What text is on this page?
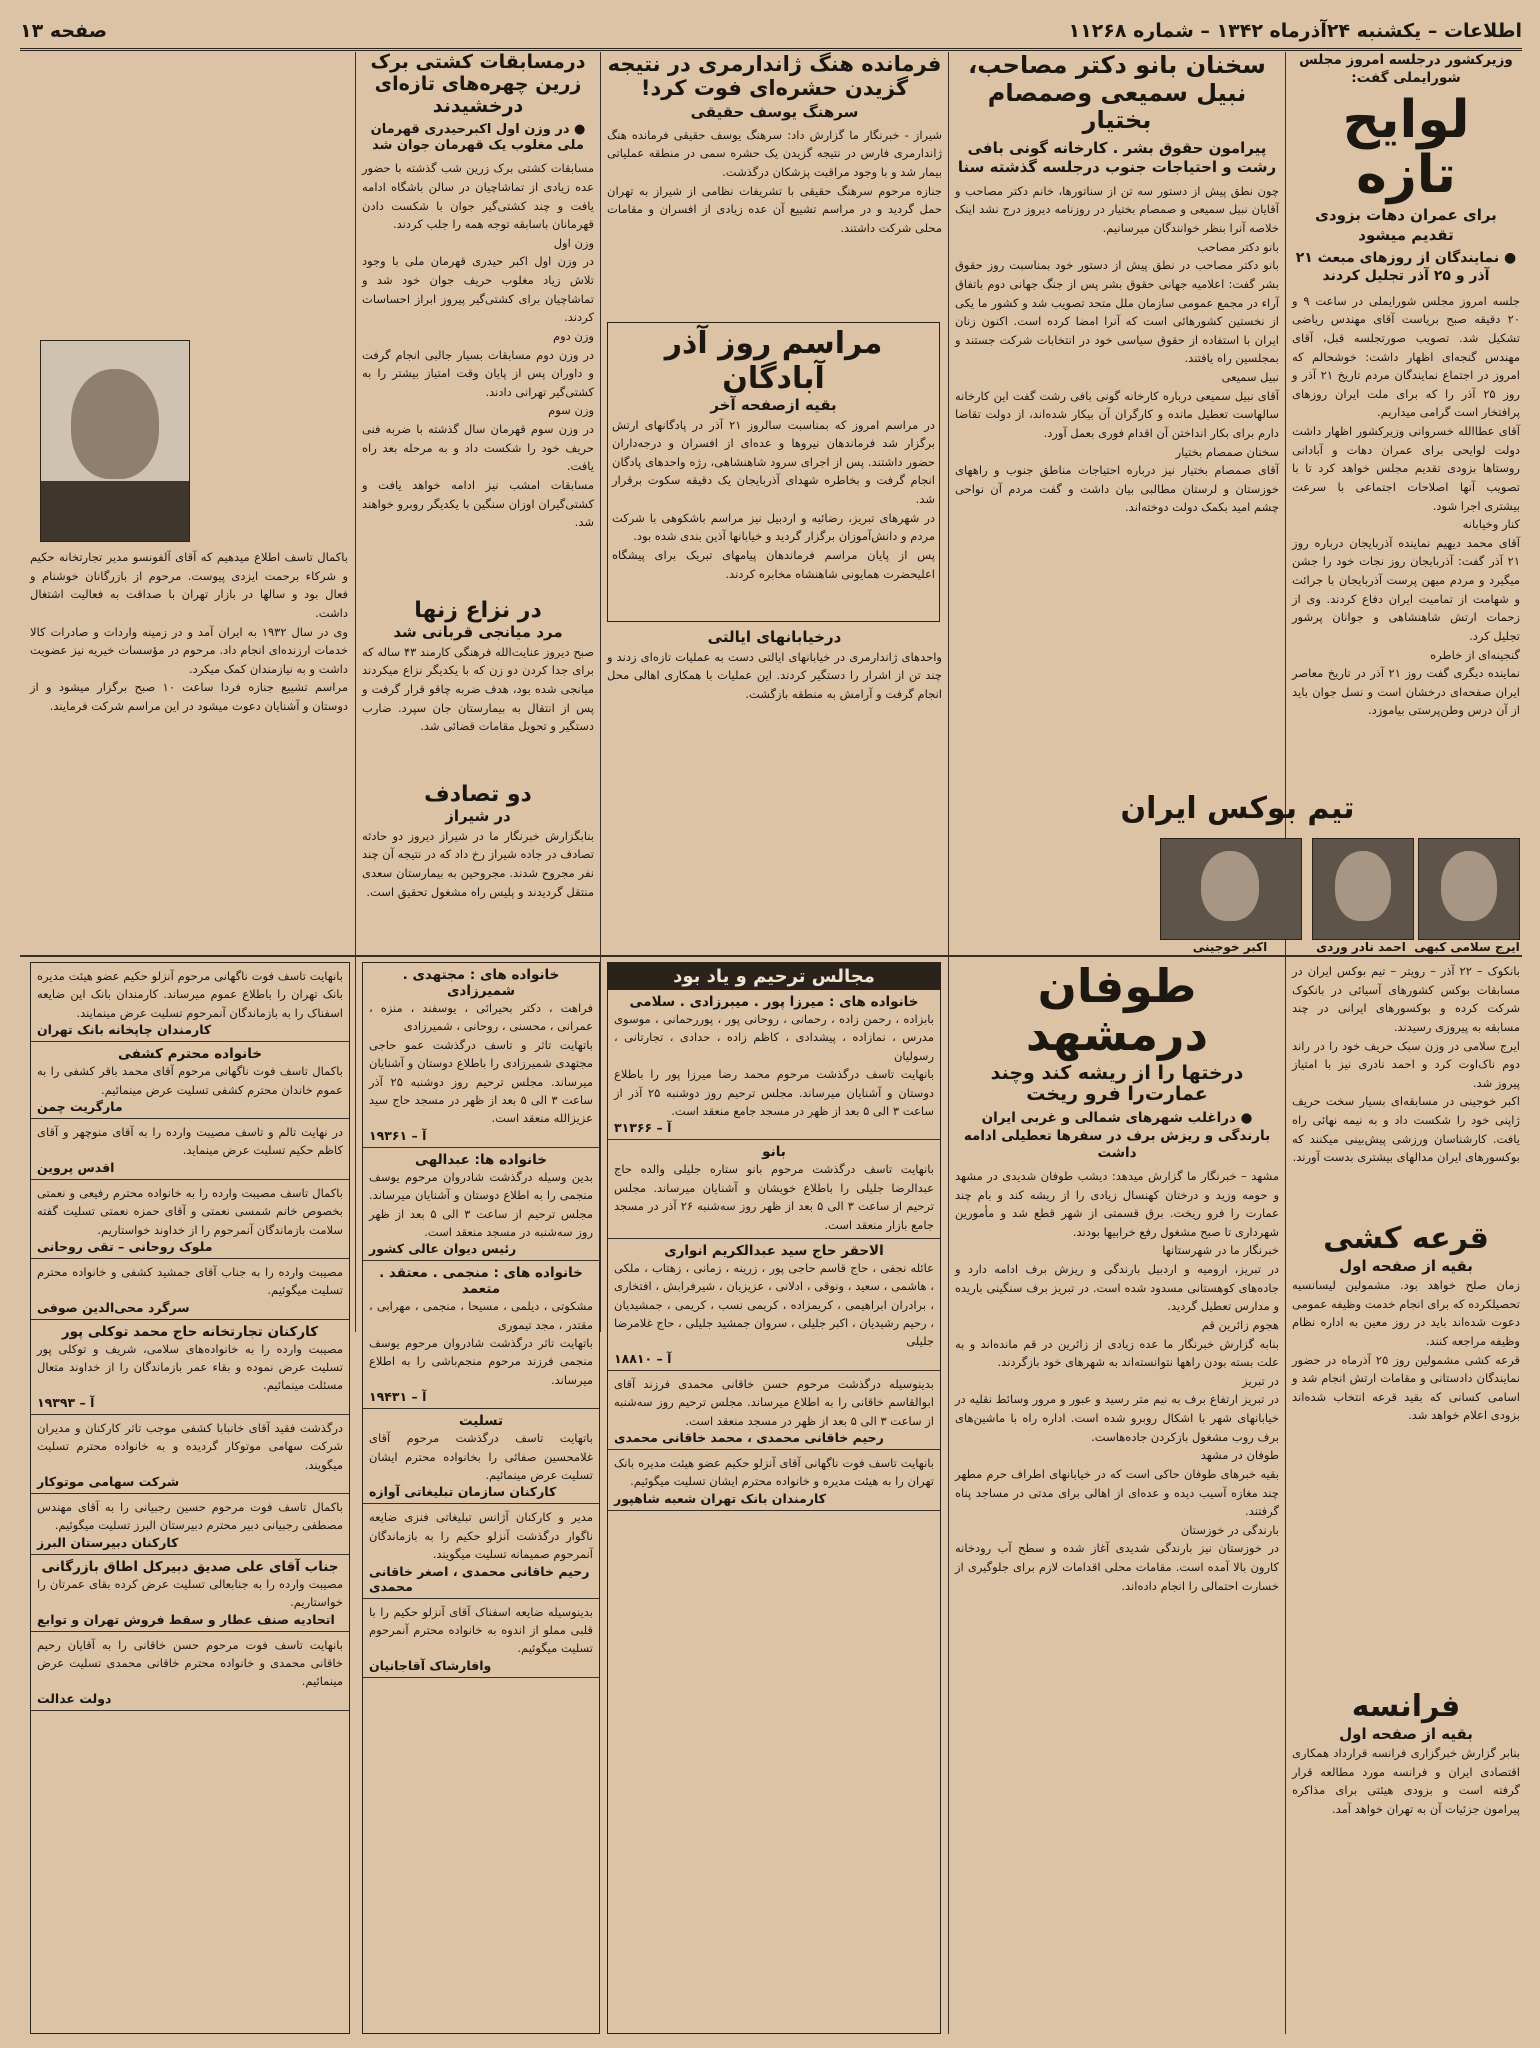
اطلاعات – یکشنبه ۲۴آذرماه ۱۳۴۲ – شماره ۱۱۲۶۸
صفحه ۱۳
وزیرکشور درجلسه امروز مجلس شورایملی گفت:
لوایح تازه
برای عمران دهات بزودی تقدیم میشود
● نمایندگان از روزهای مبعث ۲۱ آذر و ۲۵ آذر تجلیل کردند
جلسه امروز مجلس شورایملی در ساعت ۹ و ۲۰ دقیقه صبح بریاست آقای مهندس ریاضی تشکیل شد. تصویب صورتجلسه قبل، آقای مهندس گنجه‌ای اظهار داشت: خوشحالم که امروز در اجتماع نمایندگان مردم تاریخ ۲۱ آذر و روز ۲۵ آذر را که برای ملت ایران روزهای پرافتخار است گرامی میداریم.
آقای عطاالله خسروانی وزیرکشور اظهار داشت دولت لوایحی برای عمران دهات و آبادانی روستاها بزودی تقدیم مجلس خواهد کرد تا با تصویب آنها اصلاحات اجتماعی با سرعت بیشتری اجرا شود.
کنار وخیابانه
آقای محمد دیهیم نماینده آذربایجان درباره روز ۲۱ آذر گفت: آذربایجان روز نجات خود را جشن میگیرد و مردم میهن پرست آذربایجان با جرائت و شهامت از تمامیت ایران دفاع کردند. وی از زحمات ارتش شاهنشاهی و جوانان پرشور تجلیل کرد.
گنجینه‌ای از خاطره
نماینده دیگری گفت روز ۲۱ آذر در تاریخ معاصر ایران صفحه‌ای درخشان است و نسل جوان باید از آن درس وطن‌پرستی بیاموزد.
سخنان بانو دکتر مصاحب، نبیل سمیعی وصمصام بختیار
پیرامون حقوق بشر . کارخانه گونی بافی رشت و احتیاجات جنوب درجلسه گذشته سنا
چون نطق پیش از دستور سه تن از سناتورها، خانم دکتر مصاحب و آقایان نبیل سمیعی و صمصام بختیار در روزنامه دیروز درج نشد اینک خلاصه آنرا بنظر خوانندگان میرسانیم.
بانو دکتر مصاحب
بانو دکتر مصاحب در نطق پیش از دستور خود بمناسبت روز حقوق بشر گفت: اعلامیه جهانی حقوق بشر پس از جنگ جهانی دوم باتفاق آراء در مجمع عمومی سازمان ملل متحد تصویب شد و کشور ما یکی از نخستین کشورهائی است که آنرا امضا کرده است. اکنون زنان ایران با استفاده از حقوق سیاسی خود در انتخابات شرکت جستند و بمجلسین راه یافتند.
نبیل سمیعی
آقای نبیل سمیعی درباره کارخانه گونی بافی رشت گفت این کارخانه سالهاست تعطیل مانده و کارگران آن بیکار شده‌اند، از دولت تقاضا دارم برای بکار انداختن آن اقدام فوری بعمل آورد.
سخنان صمصام بختیار
آقای صمصام بختیار نیز درباره احتیاجات مناطق جنوب و راههای خوزستان و لرستان مطالبی بیان داشت و گفت مردم آن نواحی چشم امید بکمک دولت دوخته‌اند.
تیم بوکس ایران
ایرج سلامی کبهی
احمد نادر وردی
اکبر خوجینی
فرمانده هنگ ژاندارمری در نتیجه گزیدن حشره‌ای فوت کرد!
سرهنگ یوسف حقیقی
شیراز - خبرنگار ما گزارش داد: سرهنگ یوسف حقیقی فرمانده هنگ ژاندارمری فارس در نتیجه گزیدن یک حشره سمی در منطقه عملیاتی بیمار شد و با وجود مراقبت پزشکان درگذشت.
جنازه مرحوم سرهنگ حقیقی با تشریفات نظامی از شیراز به تهران حمل گردید و در مراسم تشییع آن عده زیادی از افسران و مقامات محلی شرکت داشتند.
مراسم روز آذر آبادگان
بقیه ازصفحه آخر
در مراسم امروز که بمناسبت سالروز ۲۱ آذر در پادگانهای ارتش برگزار شد فرماندهان نیروها و عده‌ای از افسران و درجه‌داران حضور داشتند. پس از اجرای سرود شاهنشاهی، رژه واحدهای پادگان انجام گرفت و بخاطره شهدای آذربایجان یک دقیقه سکوت برقرار شد.
در شهرهای تبریز، رضائیه و اردبیل نیز مراسم باشکوهی با شرکت مردم و دانش‌آموزان برگزار گردید و خیابانها آذین بندی شده بود.
پس از پایان مراسم فرماندهان پیامهای تبریک برای پیشگاه اعلیحضرت همایونی شاهنشاه مخابره کردند.
درخیابانهای ایالتی
واحدهای ژاندارمری در خیابانهای ایالتی دست به عملیات تازه‌ای زدند و چند تن از اشرار را دستگیر کردند. این عملیات با همکاری اهالی محل انجام گرفت و آرامش به منطقه بازگشت.
درمسابقات کشتی برک زرین چهره‌های تازه‌ای درخشیدند
● در وزن اول اکبرحیدری قهرمان ملی مغلوب یک قهرمان جوان شد
مسابقات کشتی برک زرین شب گذشته با حضور عده زیادی از تماشاچیان در سالن باشگاه ادامه یافت و چند کشتی‌گیر جوان با شکست دادن قهرمانان باسابقه توجه همه را جلب کردند.
وزن اول
در وزن اول اکبر حیدری قهرمان ملی با وجود تلاش زیاد مغلوب حریف جوان خود شد و تماشاچیان برای کشتی‌گیر پیروز ابراز احساسات کردند.
وزن دوم
در وزن دوم مسابقات بسیار جالبی انجام گرفت و داوران پس از پایان وقت امتیاز بیشتر را به کشتی‌گیر تهرانی دادند.
وزن سوم
در وزن سوم قهرمان سال گذشته با ضربه فنی حریف خود را شکست داد و به مرحله بعد راه یافت.
مسابقات امشب نیز ادامه خواهد یافت و کشتی‌گیران اوزان سنگین با یکدیگر روبرو خواهند شد.
در نزاع زنها
مرد میانجی قربانی شد
صبح دیروز عنایت‌الله فرهنگی کارمند ۴۳ ساله که برای جدا کردن دو زن که با یکدیگر نزاع میکردند میانجی شده بود، هدف ضربه چاقو قرار گرفت و پس از انتقال به بیمارستان جان سپرد. ضارب دستگیر و تحویل مقامات قضائی شد.
دو تصادف
در شیراز
بنابگزارش خبرنگار ما در شیراز دیروز دو حادثه تصادف در جاده شیراز رخ داد که در نتیجه آن چند نفر مجروح شدند. مجروحین به بیمارستان سعدی منتقل گردیدند و پلیس راه مشغول تحقیق است.
باکمال تاسف اطلاع میدهیم که آقای آلفونسو مدیر تجارتخانه حکیم و شرکاء برحمت ایزدی پیوست. مرحوم از بازرگانان خوشنام و فعال بود و سالها در بازار تهران با صداقت به فعالیت اشتغال داشت.
وی در سال ۱۹۳۲ به ایران آمد و در زمینه واردات و صادرات کالا خدمات ارزنده‌ای انجام داد. مرحوم در مؤسسات خیریه نیز عضویت داشت و به نیازمندان کمک میکرد.
مراسم تشییع جنازه فردا ساعت ۱۰ صبح برگزار میشود و از دوستان و آشنایان دعوت میشود در این مراسم شرکت فرمایند.
طوفان درمشهد
درختها را از ریشه کند وچند عمارت‌را فرو ریخت
● دراغلب شهرهای شمالی و غربی ایران بارندگی و ریزش برف در سفرها تعطیلی ادامه داشت
مشهد – خبرنگار ما گزارش میدهد: دیشب طوفان شدیدی در مشهد و حومه وزید و درختان کهنسال زیادی را از ریشه کند و بام چند عمارت را فرو ریخت. برق قسمتی از شهر قطع شد و مأمورین شهرداری تا صبح مشغول رفع خرابیها بودند.
خبرنگار ما در شهرستانها
در تبریز، ارومیه و اردبیل بارندگی و ریزش برف ادامه دارد و جاده‌های کوهستانی مسدود شده است. در تبریز برف سنگینی باریده و مدارس تعطیل گردید.
هجوم زائرین قم
بنابه گزارش خبرنگار ما عده زیادی از زائرین در قم مانده‌اند و به علت بسته بودن راهها نتوانسته‌اند به شهرهای خود بازگردند.
در تبریز
در تبریز ارتفاع برف به نیم متر رسید و عبور و مرور وسائط نقلیه در خیابانهای شهر با اشکال روبرو شده است. اداره راه با ماشین‌های برف روب مشغول بازکردن جاده‌هاست.
طوفان در مشهد
بقیه خبرهای طوفان حاکی است که در خیابانهای اطراف حرم مطهر چند مغازه آسیب دیده و عده‌ای از اهالی برای مدتی در مساجد پناه گرفتند.
بارندگی در خوزستان
در خوزستان نیز بارندگی شدیدی آغاز شده و سطح آب رودخانه کارون بالا آمده است. مقامات محلی اقدامات لازم برای جلوگیری از خسارت احتمالی را انجام داده‌اند.
بانکوک – ۲۲ آذر – رویتر – تیم بوکس ایران در مسابقات بوکس کشورهای آسیائی در بانکوک شرکت کرده و بوکسورهای ایرانی در چند مسابقه به پیروزی رسیدند.
ایرج سلامی در وزن سبک حریف خود را در راند دوم ناک‌اوت کرد و احمد نادری نیز با امتیاز پیروز شد.
اکبر خوجینی در مسابقه‌ای بسیار سخت حریف ژاپنی خود را شکست داد و به نیمه نهائی راه یافت. کارشناسان ورزشی پیش‌بینی میکنند که بوکسورهای ایران مدالهای بیشتری بدست آورند.
قرعه کشی
بقیه از صفحه اول
زمان صلح خواهد بود. مشمولین لیسانسیه تحصیلکرده که برای انجام خدمت وظیفه عمومی دعوت شده‌اند باید در روز معین به اداره نظام وظیفه مراجعه کنند.
قرعه کشی مشمولین روز ۲۵ آذرماه در حضور نمایندگان دادستانی و مقامات ارتش انجام شد و اسامی کسانی که بقید قرعه انتخاب شده‌اند بزودی اعلام خواهد شد.
فرانسه
بقیه از صفحه اول
بنابر گزارش خبرگزاری فرانسه قرارداد همکاری اقتصادی ایران و فرانسه مورد مطالعه قرار گرفته است و بزودی هیئتی برای مذاکره پیرامون جزئیات آن به تهران خواهد آمد.
مجالس ترحیم و یاد بود
خانواده های : میرزا پور . میبرزادی . سلامی
بابزاده ، رحمن زاده ، رحمانی ، روحانی پور ، پوررحمانی ، موسوی مدرس ، نمازاده ، پیشدادی ، کاظم زاده ، حدادی ، تجارتانی ، رسولیان
بانهایت تاسف درگذشت مرحوم محمد رضا میرزا پور را باطلاع دوستان و آشنایان میرساند. مجلس ترحیم روز دوشنبه ۲۵ آذر از ساعت ۳ الی ۵ بعد از ظهر در مسجد جامع منعقد است.
آ – ۳۱۳۶۶
بانو
بانهایت تاسف درگذشت مرحوم بانو ستاره جلیلی والده حاج عبدالرضا جلیلی را باطلاع خویشان و آشنایان میرساند. مجلس ترحیم از ساعت ۳ الی ۵ بعد از ظهر روز سه‌شنبه ۲۶ آذر در مسجد جامع بازار منعقد است.
الاحقر حاج سید عبدالکریم انواری
عائله نجفی ، حاج قاسم حاجی پور ، زرینه ، زمانی ، زهتاب ، ملکی ، هاشمی ، سعید ، ونوقی ، ادلانی ، عزیزیان ، شیرفرابش ، افتخاری ، برادران ابراهیمی ، کریمزاده ، کریمی نسب ، کریمی ، جمشیدیان ، رحیم رشیدیان ، اکبر جلیلی ، سروان جمشید جلیلی ، حاج غلامرضا جلیلی
آ – ۱۸۸۱۰
بدینوسیله درگذشت مرحوم حسن خاقانی محمدی فرزند آقای ابوالقاسم خاقانی را به اطلاع میرساند. مجلس ترحیم روز سه‌شنبه از ساعت ۳ الی ۵ بعد از ظهر در مسجد منعقد است.
رحیم خاقانی محمدی ، محمد خاقانی محمدی
بانهایت تاسف فوت ناگهانی آقای آنزلو حکیم عضو هیئت مدیره بانک تهران را به هیئت مدیره و خانواده محترم ایشان تسلیت میگوئیم.
کارمندان بانک تهران شعبه شاهپور
خانواده های : مجتهدی . شمیرزادی
فراهت ، دکتر بحیرائی ، یوسفند ، منزه ، عمرانی ، محسنی ، روحانی ، شمیرزادی
باتهایت تاثر و تاسف درگذشت عمو حاجی مجتهدی شمیرزادی را باطلاع دوستان و آشنایان میرساند. مجلس ترحیم روز دوشنبه ۲۵ آذر ساعت ۳ الی ۵ بعد از ظهر در مسجد حاج سید عزیزالله منعقد است.
آ – ۱۹۳۶۱
خانواده ها: عبدالهی
بدین وسیله درگذشت شادروان مرحوم یوسف منجمی را به اطلاع دوستان و آشنایان میرساند. مجلس ترحیم از ساعت ۳ الی ۵ بعد از ظهر روز سه‌شنبه در مسجد منعقد است.
رئیس دیوان عالی کشور
خانواده های : منجمی . معتقد . متعمد
مشکوتی ، دیلمی ، مسیحا ، منجمی ، مهرابی ، مقتدر ، مجد تیموری
باتهایت تاثر درگذشت شادروان مرحوم یوسف منجمی فرزند مرحوم منجم‌باشی را به اطلاع میرساند.
آ – ۱۹۴۳۱
تسلیت
باتهایت تاسف درگذشت مرحوم آقای غلامحسین صفائی را بخانواده محترم ایشان تسلیت عرض مینمائیم.
کارکنان سازمان تبلیغاتی آوازه
مدیر و کارکنان آژانس تبلیغاتی فنزی ضایعه ناگوار درگذشت آنزلو حکیم را به بازماندگان آنمرحوم صمیمانه تسلیت میگویند.
رحیم خاقانی محمدی ، اصغر خاقانی محمدی
بدینوسیله ضایعه اسفناک آقای آنزلو حکیم را با قلبی مملو از اندوه به خانواده محترم آنمرحوم تسلیت میگوئیم.
وافارشاک آقاجانیان
بانهایت تاسف فوت ناگهانی مرحوم آنزلو حکیم عضو هیئت مدیره بانک تهران را باطلاع عموم میرساند. کارمندان بانک این ضایعه اسفناک را به بازماندگان آنمرحوم تسلیت عرض مینمایند.
کارمندان چاپخانه بانک تهران
خانواده محترم کشفی
باکمال تاسف فوت ناگهانی مرحوم آقای محمد باقر کشفی را به عموم خاندان محترم کشفی تسلیت عرض مینمائیم.
مارگریت چمن
در نهایت تالم و تاسف مصیبت وارده را به آقای منوچهر و آقای کاظم حکیم تسلیت عرض مینماید.
اقدس پروین
باکمال تاسف مصیبت وارده را به خانواده محترم رفیعی و نعمتی بخصوص خانم شمسی نعمتی و آقای حمزه نعمتی تسلیت گفته سلامت بازماندگان آنمرحوم را از خداوند خواستاریم.
ملوک روحانی – تقی روحانی
مصیبت وارده را به جناب آقای جمشید کشفی و خانواده محترم تسلیت میگوئیم.
سرگرد محی‌الدین صوفی
کارکنان تجارتخانه حاج محمد توکلی پور
مصیبت وارده را به خانواده‌های سلامی، شریف و توکلی پور تسلیت عرض نموده و بقاء عمر بازماندگان را از خداوند متعال مسئلت مینمائیم.
آ – ۱۹۳۹۳
درگذشت فقید آقای خانبابا کشفی موجب تاثر کارکنان و مدیران شرکت سهامی موتوکار گردیده و به خانواده محترم تسلیت میگویند.
شرکت سهامی موتوکار
باکمال تاسف فوت مرحوم حسین رجبیانی را به آقای مهندس مصطفی رجبیانی دبیر محترم دبیرستان البرز تسلیت میگوئیم.
کارکنان دبیرستان البرز
جناب آقای علی صدیق دبیرکل اطاق بازرگانی
مصیبت وارده را به جنابعالی تسلیت عرض کرده بقای عمرتان را خواستاریم.
اتحادیه صنف عطار و سقط فروش تهران و توابع
بانهایت تاسف فوت مرحوم حسن خاقانی را به آقایان رحیم خاقانی محمدی و خانواده محترم خاقانی محمدی تسلیت عرض مینمائیم.
دولت عدالت
